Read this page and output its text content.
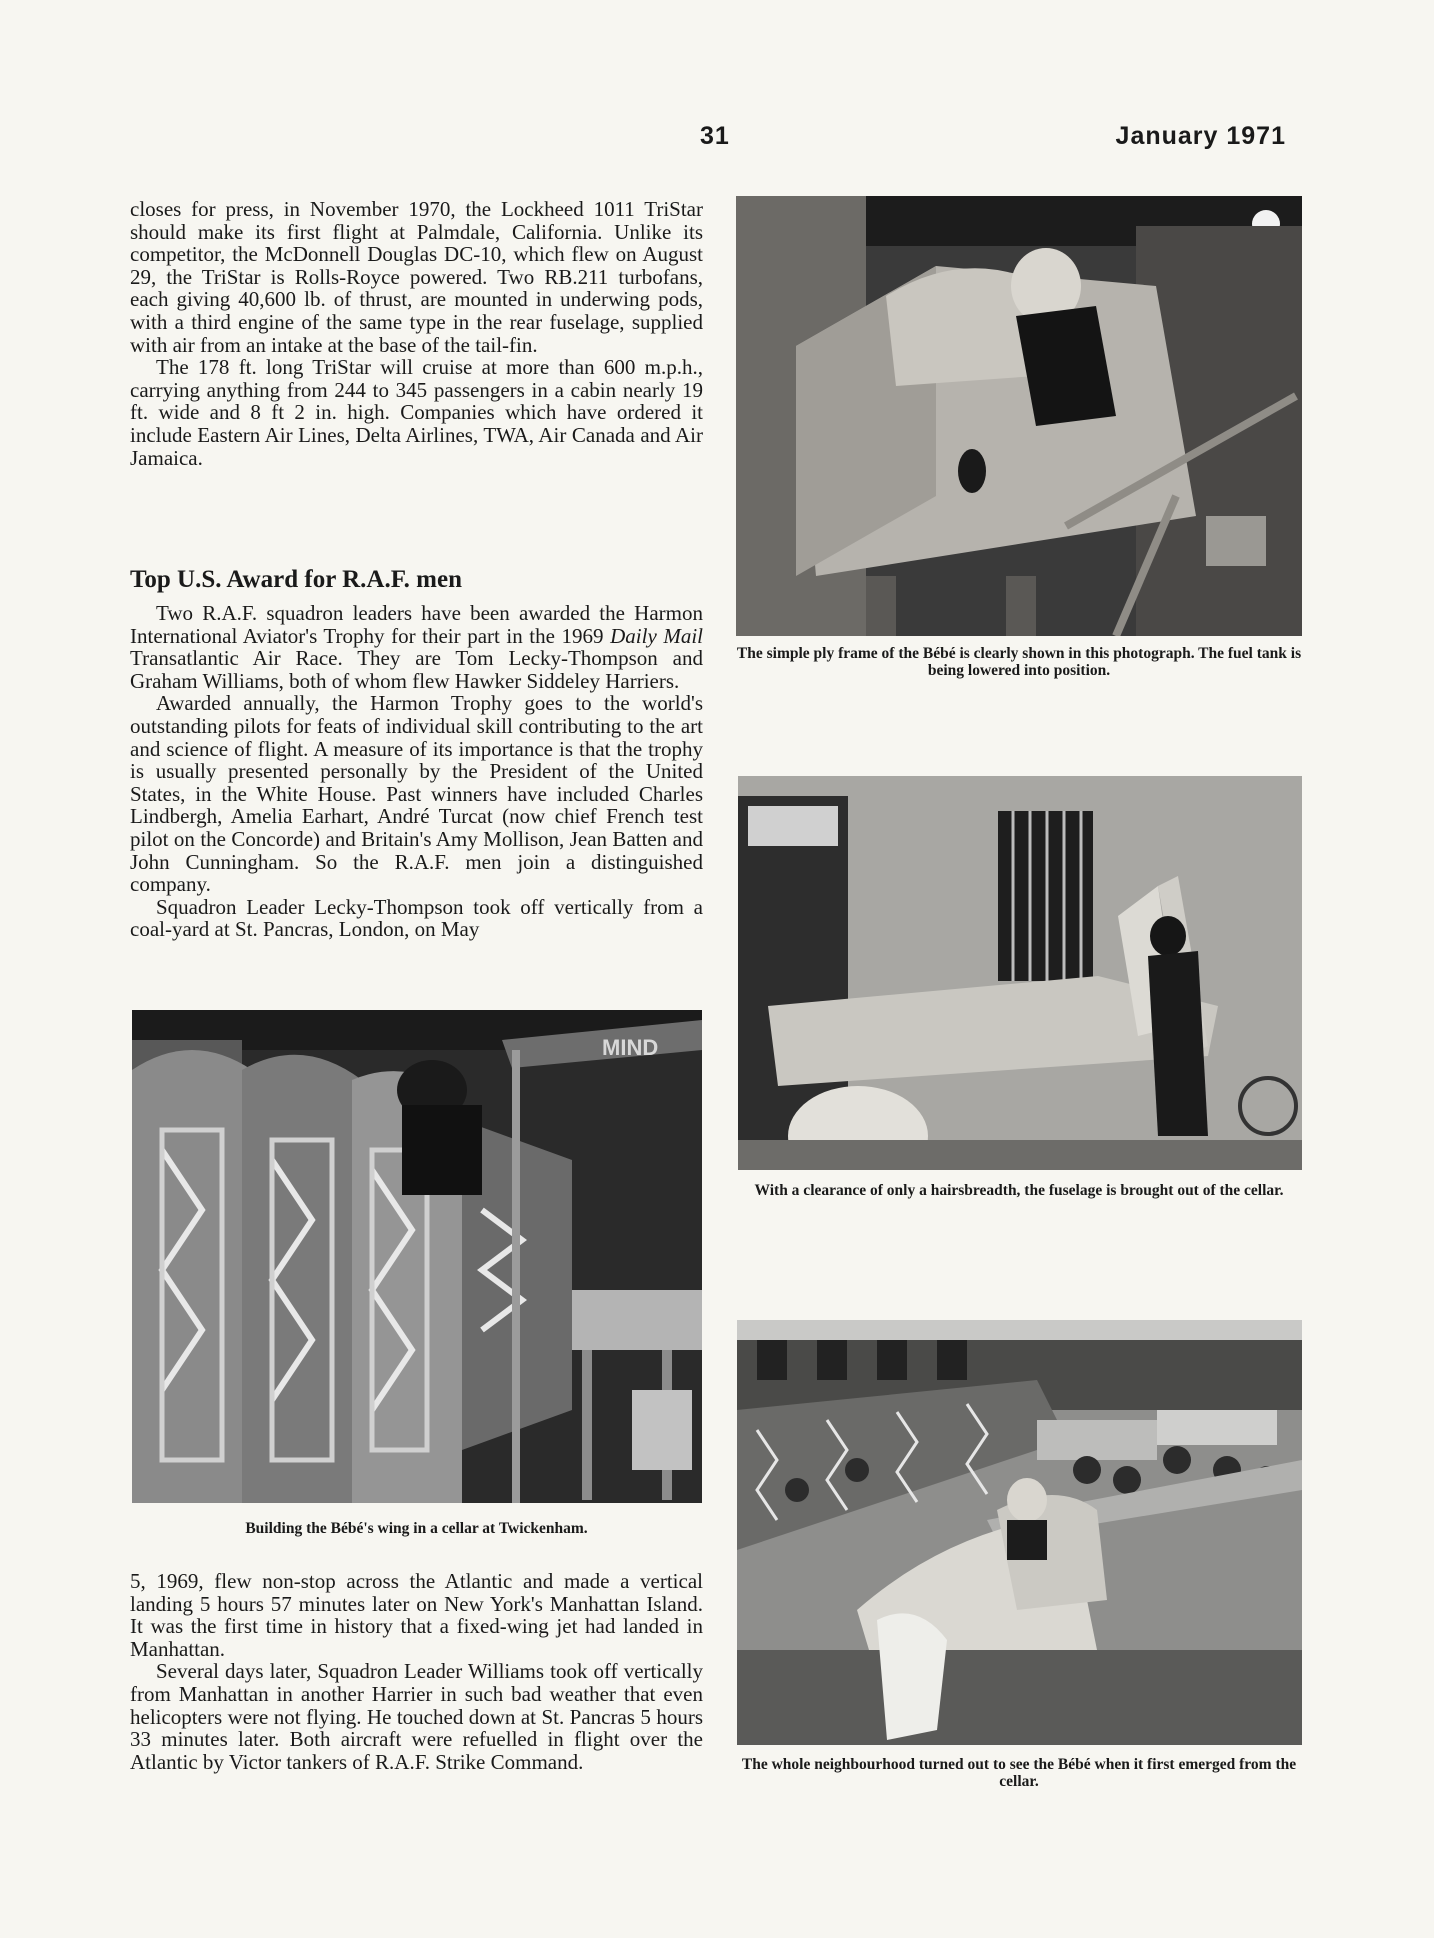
31	January 1971

closes for press, in November 1970, the Lockheed 1011 TriStar should make its first flight at Palmdale, California. Unlike its competitor, the McDonnell Douglas DC-10, which flew on August 29, the TriStar is Rolls-Royce powered. Two RB.211 turbofans, each giving 40,600 lb. of thrust, are mounted in underwing pods, with a third engine of the same type in the rear fuselage, supplied with air from an intake at the base of the tail-fin.

The 178 ft. long TriStar will cruise at more than 600 m.p.h., carrying anything from 244 to 345 passengers in a cabin nearly 19 ft. wide and 8 ft 2 in. high. Companies which have ordered it include Eastern Air Lines, Delta Airlines, TWA, Air Canada and Air Jamaica.

Top U.S. Award for R.A.F. men

Two R.A.F. squadron leaders have been awarded the Harmon International Aviator's Trophy for their part in the 1969 Daily Mail Transatlantic Air Race. They are Tom Lecky-Thompson and Graham Williams, both of whom flew Hawker Siddeley Harriers.

Awarded annually, the Harmon Trophy goes to the world's outstanding pilots for feats of individual skill contributing to the art and science of flight. A measure of its importance is that the trophy is usually presented personally by the President of the United States, in the White House. Past winners have included Charles Lindbergh, Amelia Earhart, André Turcat (now chief French test pilot on the Concorde) and Britain's Amy Mollison, Jean Batten and John Cunningham. So the R.A.F. men join a distinguished company.

Squadron Leader Lecky-Thompson took off vertically from a coal-yard at St. Pancras, London, on May

MIND

Building the Bébé's wing in a cellar at Twickenham.

5, 1969, flew non-stop across the Atlantic and made a vertical landing 5 hours 57 minutes later on New York's Manhattan Island. It was the first time in history that a fixed-wing jet had landed in Manhattan.

Several days later, Squadron Leader Williams took off vertically from Manhattan in another Harrier in such bad weather that even helicopters were not flying. He touched down at St. Pancras 5 hours 33 minutes later. Both aircraft were refuelled in flight over the Atlantic by Victor tankers of R.A.F. Strike Command.

The simple ply frame of the Bébé is clearly shown in this photograph. The fuel tank is being lowered into position.

With a clearance of only a hairsbreadth, the fuselage is brought out of the cellar.

The whole neighbourhood turned out to see the Bébé when it first emerged from the cellar.
